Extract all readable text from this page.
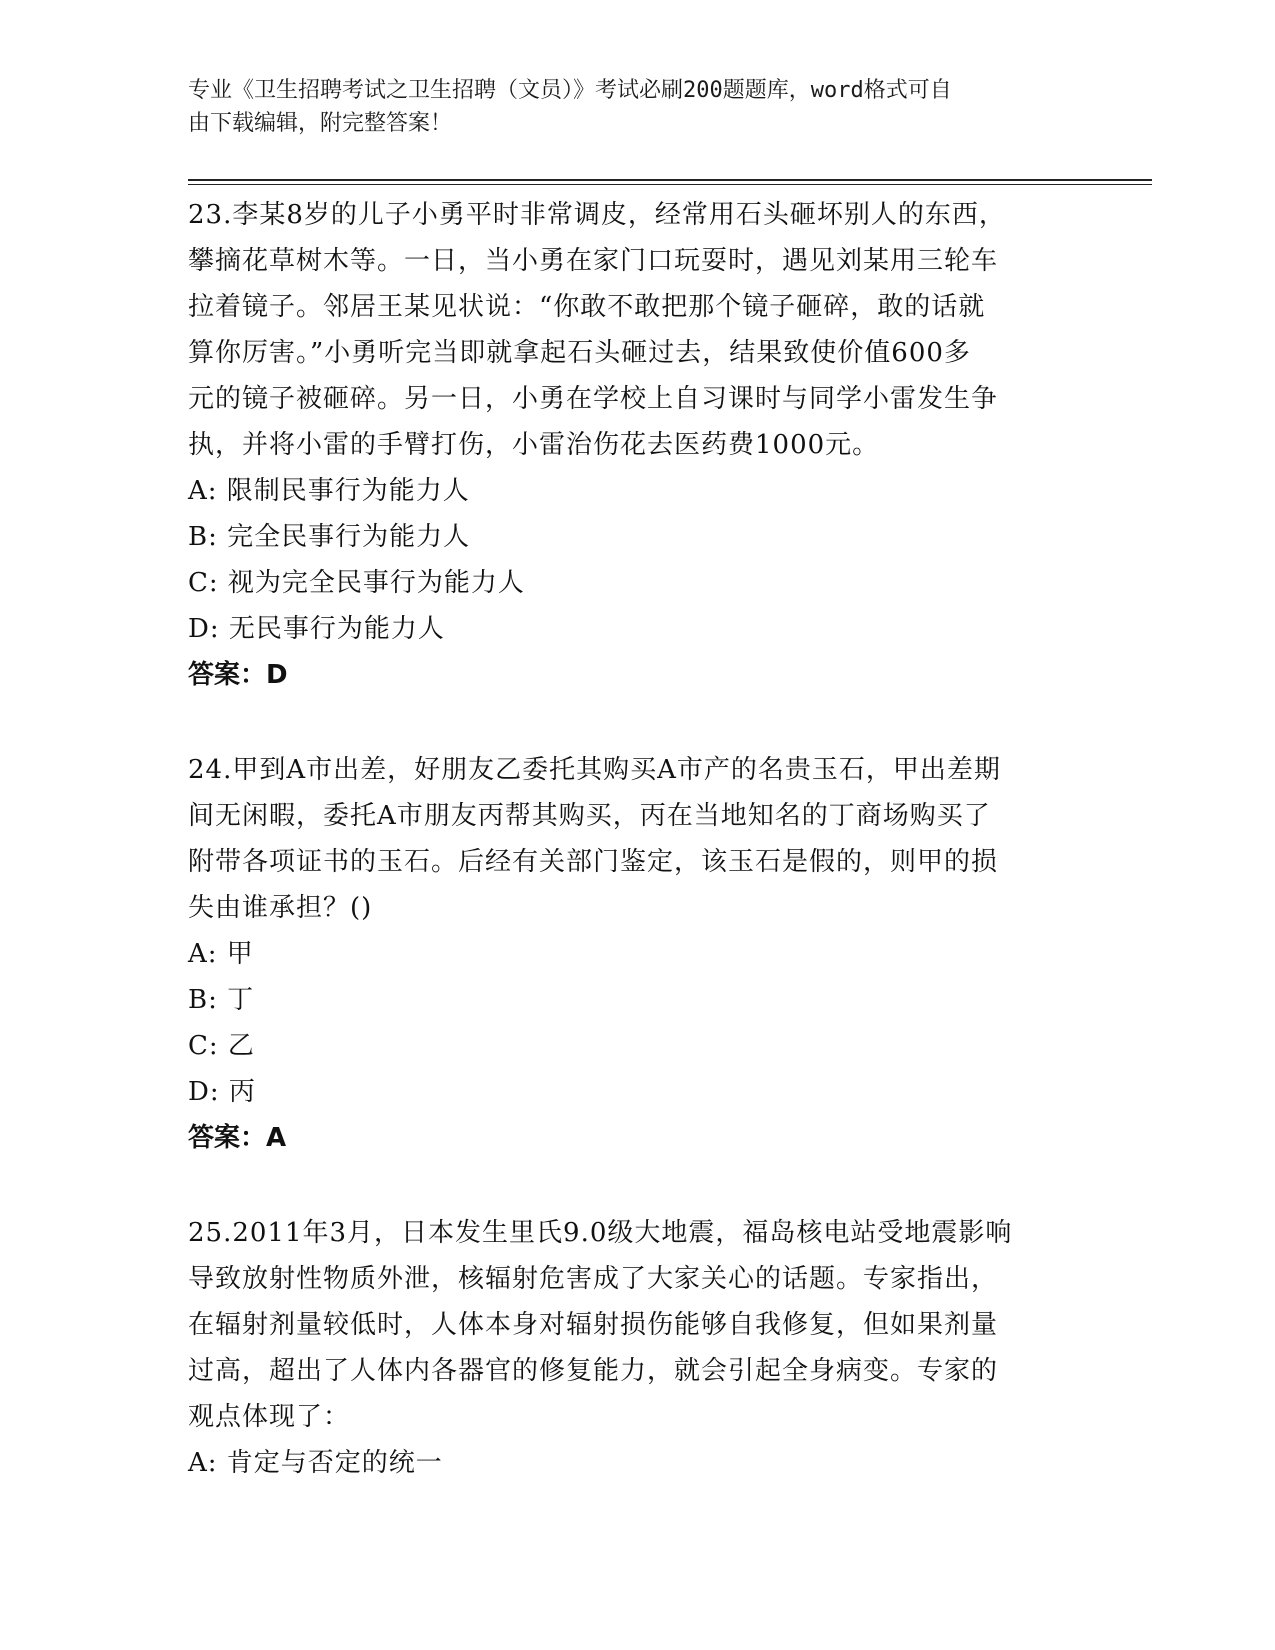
专业《卫生招聘考试之卫生招聘（文员）》考试必刷200题题库，word格式可自
由下载编辑，附完整答案！
23.李某8岁的儿子小勇平时非常调皮，经常用石头砸坏别人的东西，
攀摘花草树木等。一日，当小勇在家门口玩耍时，遇见刘某用三轮车
拉着镜子。邻居王某见状说：“你敢不敢把那个镜子砸碎，敢的话就
算你厉害。”小勇听完当即就拿起石头砸过去，结果致使价值600多
元的镜子被砸碎。另一日，小勇在学校上自习课时与同学小雷发生争
执，并将小雷的手臂打伤，小雷治伤花去医药费1000元。
A: 限制民事行为能力人
B: 完全民事行为能力人
C: 视为完全民事行为能力人
D: 无民事行为能力人
答案：D
24.甲到A市出差，好朋友乙委托其购买A市产的名贵玉石，甲出差期
间无闲暇，委托A市朋友丙帮其购买，丙在当地知名的丁商场购买了
附带各项证书的玉石。后经有关部门鉴定，该玉石是假的，则甲的损
失由谁承担？()
A: 甲
B: 丁
C: 乙
D: 丙
答案：A
25.2011年3月，日本发生里氏9.0级大地震，福岛核电站受地震影响
导致放射性物质外泄，核辐射危害成了大家关心的话题。专家指出，
在辐射剂量较低时，人体本身对辐射损伤能够自我修复，但如果剂量
过高，超出了人体内各器官的修复能力，就会引起全身病变。专家的
观点体现了：
A: 肯定与否定的统一
